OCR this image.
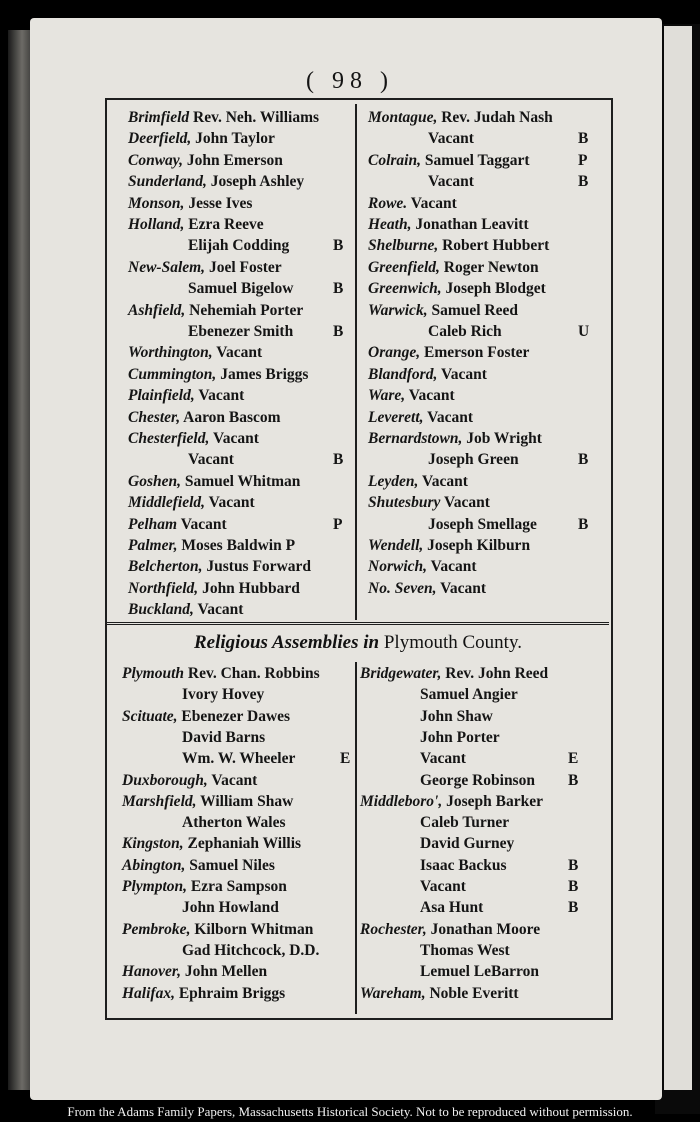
( 98 )
Religious Assemblies in Plymouth County.
Brimfield Rev. Neh. Williams
Deerfield, John Taylor
Conway, John Emerson
Sunderland, Joseph Ashley
Monson, Jesse Ives
Holland, Ezra Reeve
Elijah Codding	B
New-Salem, Joel Foster
Samuel Bigelow	B
Ashfield, Nehemiah Porter
Ebenezer Smith	B
Worthington, Vacant
Cummington, James Briggs
Plainfield, Vacant
Chester, Aaron Bascom
Chesterfield, Vacant
Vacant	B
Goshen, Samuel Whitman
Middlefield, Vacant
Pelham Vacant	P
Palmer, Moses Baldwin P
Belcherton, Justus Forward
Northfield, John Hubbard
Buckland, Vacant
Montague, Rev. Judah Nash
Vacant	B
Colrain, Samuel Taggart	P
Vacant	B
Rowe. Vacant
Heath, Jonathan Leavitt
Shelburne, Robert Hubbert
Greenfield, Roger Newton
Greenwich, Joseph Blodget
Warwick, Samuel Reed
Caleb Rich	U
Orange, Emerson Foster
Blandford, Vacant
Ware, Vacant
Leverett, Vacant
Bernardstown, Job Wright
Joseph Green	B
Leyden, Vacant
Shutesbury Vacant
Joseph Smellage	B
Wendell, Joseph Kilburn
Norwich, Vacant
No. Seven, Vacant
Plymouth Rev. Chan. Robbins
Ivory Hovey
Scituate, Ebenezer Dawes
David Barns
Wm. W. Wheeler	E
Duxborough, Vacant
Marshfield, William Shaw
Atherton Wales
Kingston, Zephaniah Willis
Abington, Samuel Niles
Plympton, Ezra Sampson
John Howland
Pembroke, Kilborn Whitman
Gad Hitchcock, D.D.
Hanover, John Mellen
Halifax, Ephraim Briggs
Bridgewater, Rev. John Reed
Samuel Angier
John Shaw
John Porter
Vacant	E
George Robinson B
Middleboro', Joseph Barker
Caleb Turner
David Gurney
Isaac Backus	B
Vacant	B
Asa Hunt	B
Rochester, Jonathan Moore
Thomas West
Lemuel LeBarron
Wareham, Noble Everitt
From the Adams Family Papers, Massachusetts Historical Society. Not to be reproduced without permission.
